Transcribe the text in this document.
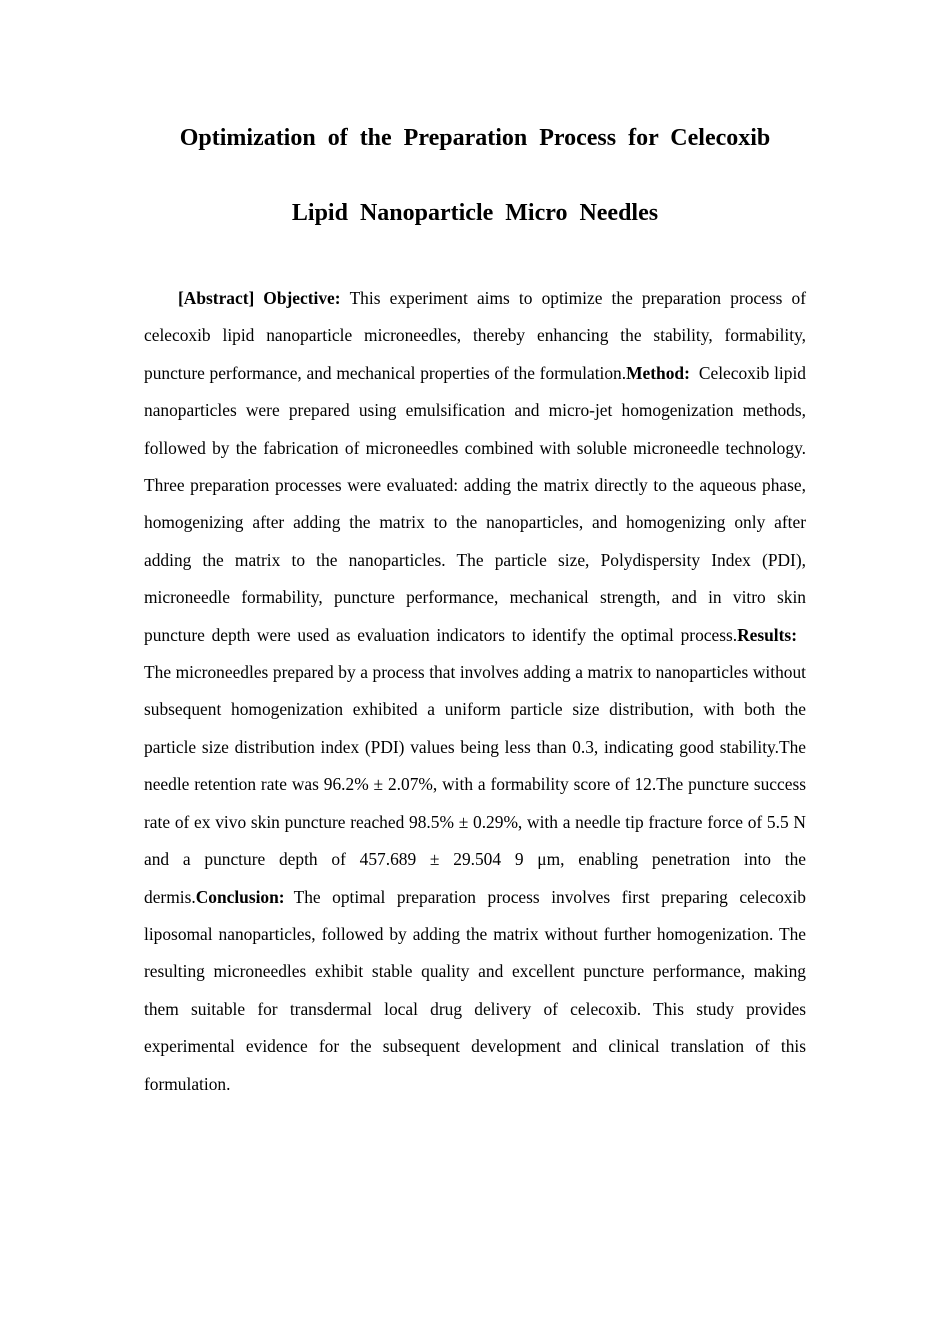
Optimization of the Preparation Process for Celecoxib
Lipid Nanoparticle Micro Needles

[Abstract] Objective: This experiment aims to optimize the preparation process of celecoxib lipid nanoparticle microneedles, thereby enhancing the stability, formability, puncture performance, and mechanical properties of the formulation.Method: Celecoxib lipid nanoparticles were prepared using emulsification and micro-jet homogenization methods, followed by the fabrication of microneedles combined with soluble microneedle technology. Three preparation processes were evaluated: adding the matrix directly to the aqueous phase, homogenizing after adding the matrix to the nanoparticles, and homogenizing only after adding the matrix to the nanoparticles. The particle size, Polydispersity Index (PDI), microneedle formability, puncture performance, mechanical strength, and in vitro skin puncture depth were used as evaluation indicators to identify the optimal process.Results:The microneedles prepared by a process that involves adding a matrix to nanoparticles without subsequent homogenization exhibited a uniform particle size distribution, with both the particle size distribution index (PDI) values being less than 0.3, indicating good stability.The needle retention rate was 96.2% ± 2.07%, with a formability score of 12.The puncture success rate of ex vivo skin puncture reached 98.5% ± 0.29%, with a needle tip fracture force of 5.5 N and a puncture depth of 457.689 ± 29.504 9 μm, enabling penetration into the dermis.Conclusion: The optimal preparation process involves first preparing celecoxib liposomal nanoparticles, followed by adding the matrix without further homogenization. The resulting microneedles exhibit stable quality and excellent puncture performance, making them suitable for transdermal local drug delivery of celecoxib. This study provides experimental evidence for the subsequent development and clinical translation of this formulation.
